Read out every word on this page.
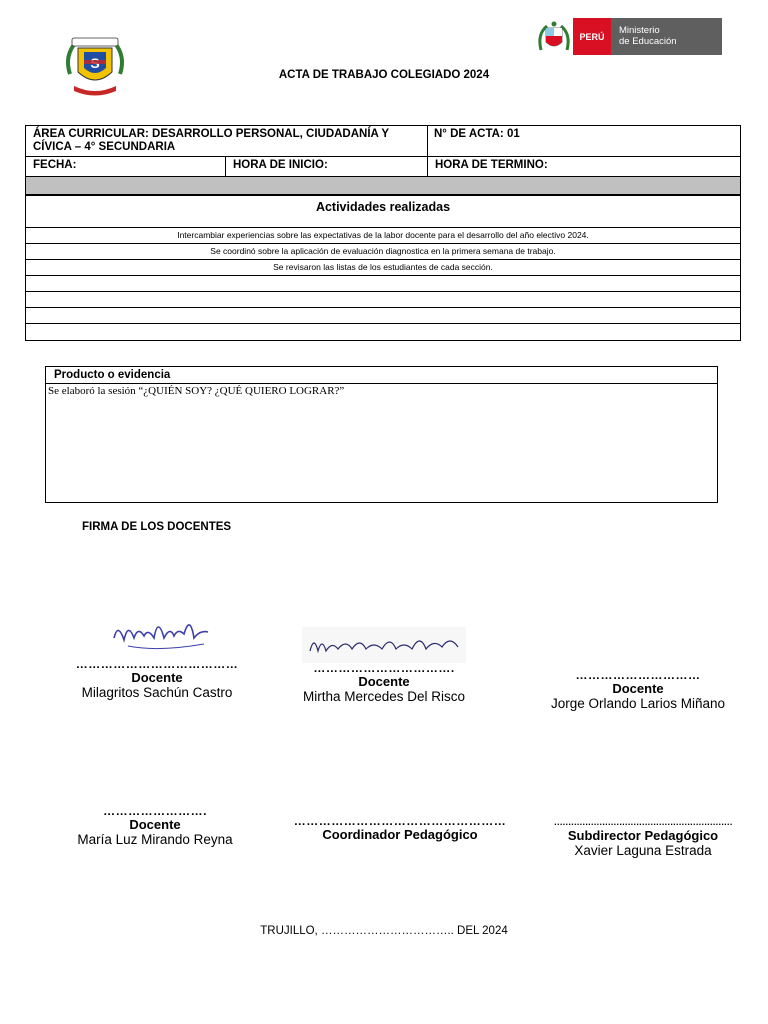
PERÚ
Ministerio
de Educación
ACTA DE TRABAJO COLEGIADO 2024
ÁREA CURRICULAR: DESARROLLO PERSONAL, CIUDADANÍA Y CÍVICA – 4° SECUNDARIA
N° DE ACTA: 01
FECHA:	HORA DE INICIO:	HORA DE TERMINO:
Actividades realizadas
Intercambiar experiencias sobre las expectativas de la labor docente para el desarrollo del año electivo 2024.
Se coordinó sobre la aplicación de evaluación diagnostica en la primera semana de trabajo.
Se revisaron las listas de los estudiantes de cada sección.
Producto o evidencia
Se elaboró la sesión “¿QUIÉN SOY? ¿QUÉ QUIERO LOGRAR?”
FIRMA DE LOS DOCENTES
…………………………………
Docente
Milagritos Sachún Castro
…………………………….
Docente
Mirtha Mercedes Del Risco
…………………………
Docente
Jorge Orlando Larios Miñano
…………………….
Docente
María Luz Mirando Reyna
……………………………………………
Coordinador Pedagógico
………………………………………………………
Subdirector Pedagógico
Xavier Laguna Estrada
TRUJILLO, …………………………….. DEL 2024
